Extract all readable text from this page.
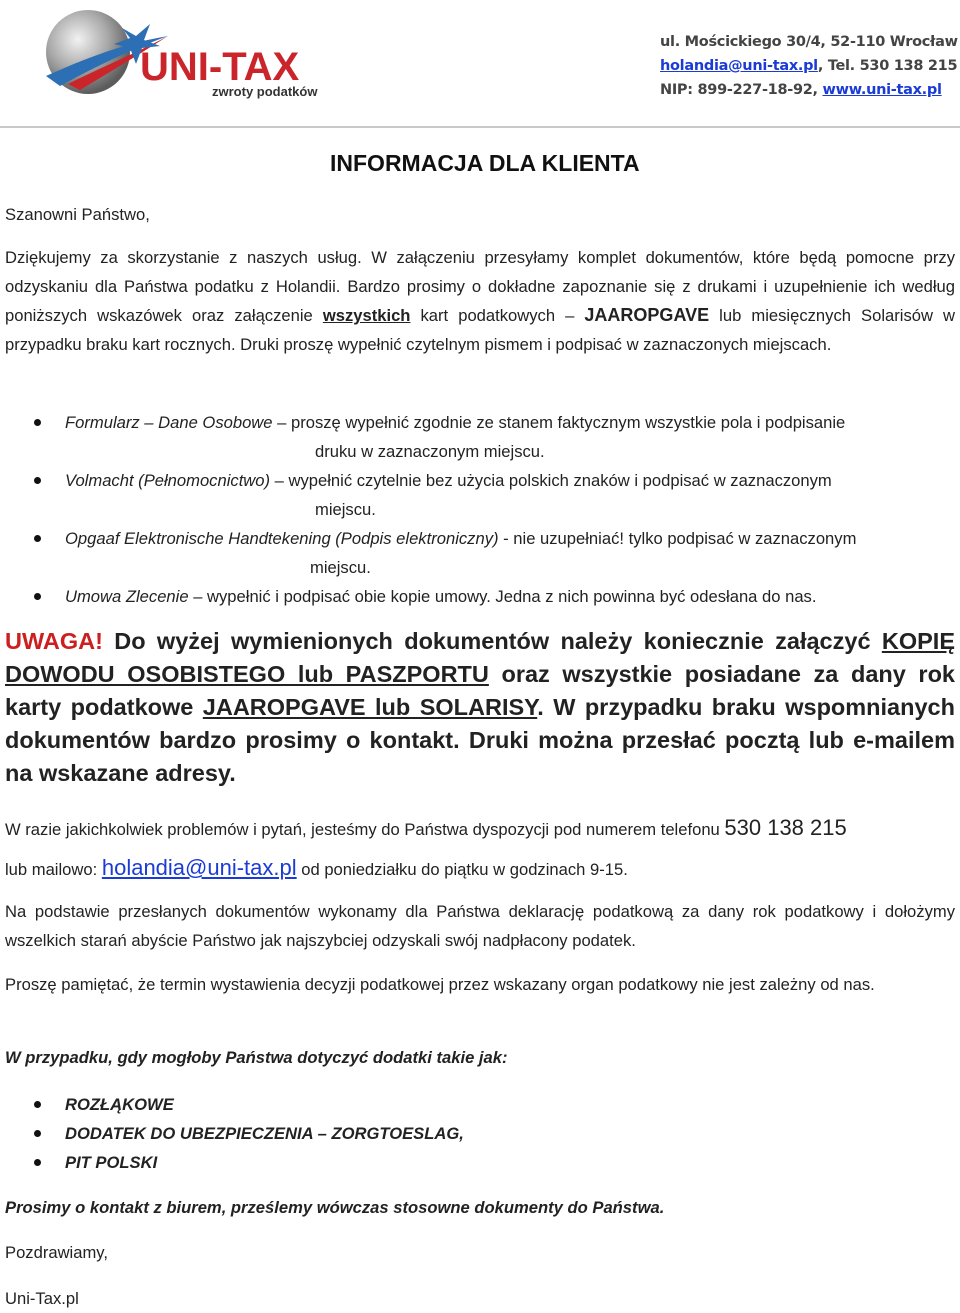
UNI-TAX
zwroty podatków
ul. Mościckiego 30/4, 52-110 Wrocław
holandia@uni-tax.pl, Tel. 530 138 215
NIP: 899-227-18-92, www.uni-tax.pl
INFORMACJA DLA KLIENTA
Szanowni Państwo,
Dziękujemy za skorzystanie z naszych usług. W załączeniu przesyłamy komplet dokumentów, które będą pomocne przy odzyskaniu dla Państwa podatku z Holandii. Bardzo prosimy o dokładne zapoznanie się z drukami i uzupełnienie ich według poniższych wskazówek oraz załączenie wszystkich kart podatkowych – JAAROPGAVE lub miesięcznych Solarisów w przypadku braku kart rocznych. Druki proszę wypełnić czytelnym pismem i podpisać w zaznaczonych miejscach.
Formularz – Dane Osobowe – proszę wypełnić zgodnie ze stanem faktycznym wszystkie pola i podpisanie
druku w zaznaczonym miejscu.
Volmacht (Pełnomocnictwo) – wypełnić czytelnie bez użycia polskich znaków i podpisać w zaznaczonym
miejscu.
Opgaaf Elektronische Handtekening (Podpis elektroniczny) - nie uzupełniać! tylko podpisać w zaznaczonym
miejscu.
Umowa Zlecenie – wypełnić i podpisać obie kopie umowy. Jedna z nich powinna być odesłana do nas.
UWAGA! Do wyżej wymienionych dokumentów należy koniecznie załączyć KOPIĘ DOWODU OSOBISTEGO lub PASZPORTU oraz wszystkie posiadane za dany rok karty podatkowe JAAROPGAVE lub SOLARISY. W przypadku braku wspomnianych dokumentów bardzo prosimy o kontakt. Druki można przesłać pocztą lub e-mailem na wskazane adresy.
W razie jakichkolwiek problemów i pytań, jesteśmy do Państwa dyspozycji pod numerem telefonu 530 138 215
lub mailowo: holandia@uni-tax.pl od poniedziałku do piątku w godzinach 9-15.
Na podstawie przesłanych dokumentów wykonamy dla Państwa deklarację podatkową za dany rok podatkowy i dołożymy wszelkich starań abyście Państwo jak najszybciej odzyskali swój nadpłacony podatek.
Proszę pamiętać, że termin wystawienia decyzji podatkowej przez wskazany organ podatkowy nie jest zależny od nas.
W przypadku, gdy mogłoby Państwa dotyczyć dodatki takie jak:
ROZŁĄKOWE
DODATEK DO UBEZPIECZENIA – ZORGTOESLAG,
PIT POLSKI
Prosimy o kontakt z biurem, prześlemy wówczas stosowne dokumenty do Państwa.
Pozdrawiamy,
Uni-Tax.pl
